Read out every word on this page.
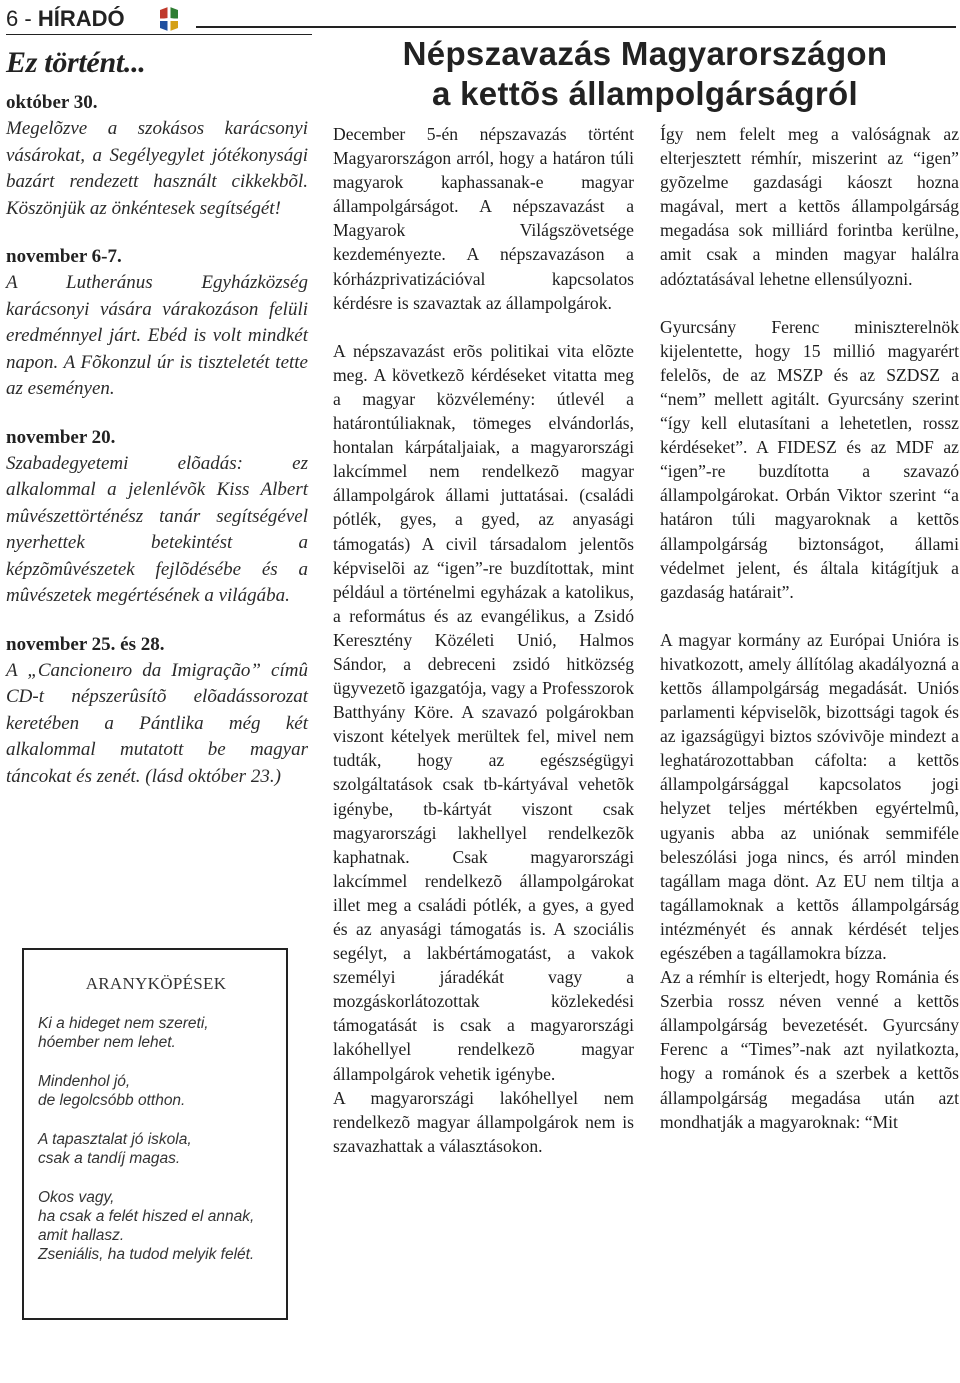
6 - HÍRADÓ
Ez történt...

október 30.

Megelõzve a szokásos karácsonyi vásárokat, a Segélyegylet jótékonysági bazárt rendezett használt cikkekbõl. Köszönjük az önkéntesek segítségét!

november 6-7.

A Lutheránus Egyházközség karácsonyi vására várakozáson felüli eredménnyel járt. Ebéd is volt mindkét napon. A Fõkonzul úr is tiszteletét tette az eseményen.

november 20.

Szabadegyetemi elõadás: ez alkalommal a jelenlévõk Kiss Albert mûvészettörténész tanár segítségével nyerhettek betekintést a képzõmûvészetek fejlõdésébe és a mûvészetek megértésének a világába.

november 25. és 28.

A „Cancioneıro da Imigração” címû CD-t népszerûsítõ elõadássorozat keretében a Pántlika még két alkalommal mutatott be magyar táncokat és zenét. (lásd október 23.)

ARANYKÖPÉSEK

Ki a hideget nem szereti,
hóember nem lehet.

Mindenhol jó,
de legolcsóbb otthon.

A tapasztalat jó iskola,
csak a tandíj magas.

Okos vagy,
ha csak a felét hiszed el annak,
amit hallasz.
Zseniális, ha tudod melyik felét.

Népszavazás Magyarországon
a kettõs állampolgárságról

December 5-én népszavazás történt Magyarországon arról, hogy a határon túli magyarok kaphassanak-e magyar állampolgárságot. A népszavazást a Magyarok Világszövetsége kezdeményezte. A népszavazáson a kórházprivatizációval kapcsolatos kérdésre is szavaztak az állampolgárok.

A népszavazást erõs politikai vita elõzte meg. A következõ kérdéseket vitatta meg a magyar közvélemény: útlevél a határontúliaknak, tömeges elvándorlás, hontalan kárpátaljaiak, a magyarországi lakcímmel nem rendelkezõ magyar állampolgárok állami juttatásai. (családi pótlék, gyes, a gyed, az anyasági támogatás) A civil társadalom jelentõs képviselõi az “igen”-re buzdítottak, mint például a történelmi egyházak a katolikus, a református és az evangélikus, a Zsidó Keresztény Közéleti Unió, Halmos Sándor, a debreceni zsidó hitközség ügyvezetõ igazgatója, vagy a Professzorok Batthyány Köre. A szavazó polgárokban viszont kételyek merültek fel, mivel nem tudták, hogy az egészségügyi szolgáltatások csak tb-kártyával vehetõk igénybe, tb-kártyát viszont csak magyarországi lakhellyel rendelkezõk kaphatnak. Csak magyarországi lakcímmel rendelkezõ állampolgárokat illet meg a családi pótlék, a gyes, a gyed és az anyasági támogatás is. A szociális segélyt, a lakbértámogatást, a vakok személyi járadékát vagy a mozgáskorlátozottak közlekedési támogatását is csak a magyarországi lakóhellyel rendelkezõ magyar állampolgárok vehetik igénybe.

A magyarországi lakóhellyel nem rendelkezõ magyar állampolgárok nem is szavazhattak a választásokon.

Így nem felelt meg a valóságnak az elterjesztett rémhír, miszerint az “igen” gyõzelme gazdasági káoszt hozna magával, mert a kettõs állampolgárság megadása sok milliárd forintba kerülne, amit csak a minden magyar halálra adóztatásával lehetne ellensúlyozni.

Gyurcsány Ferenc miniszterelnök kijelentette, hogy 15 millió magyarért felelõs, de az MSZP és az SZDSZ a “nem” mellett agitált. Gyurcsány szerint “így kell elutasítani a lehetetlen, rossz kérdéseket”. A FIDESZ és az MDF az “igen”-re buzdította a szavazó állampolgárokat. Orbán Viktor szerint “a határon túli magyaroknak a kettõs állampolgárság biztonságot, állami védelmet jelent, és általa kitágítjuk a gazdaság határait”.

A magyar kormány az Európai Unióra is hivatkozott, amely állítólag akadályozná a kettõs állampolgárság megadását. Uniós parlamenti képviselõk, bizottsági tagok és az igazságügyi biztos szóvivõje mindezt a leghatározottabban cáfolta: a kettõs állampolgársággal kapcsolatos jogi helyzet teljes mértékben egyértelmû, ugyanis abba az uniónak semmiféle beleszólási joga nincs, és arról minden tagállam maga dönt. Az EU nem tiltja a tagállamoknak a kettõs állampolgárság intézményét és annak kérdését teljes egészében a tagállamokra bízza.

Az a rémhír is elterjedt, hogy Románia és Szerbia rossz néven venné a kettõs állampolgárság bevezetését. Gyurcsány Ferenc a “Times”-nak azt nyilatkozta, hogy a románok és a szerbek a kettõs állampolgárság megadása után azt mondhatják a magyaroknak: “Mit
